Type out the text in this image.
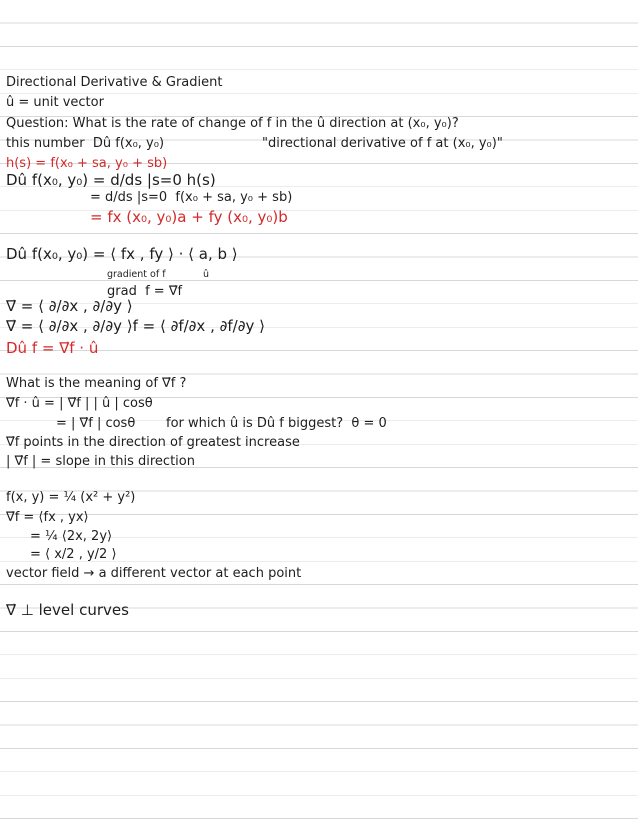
Directional Derivative & Gradient
û = unit vector
Question: What is the rate of change of f in the û direction at (x₀, y₀)?
this number  Dû f(x₀, y₀)	"directional derivative of f at (x₀, y₀)"
h(s) = f(x₀ + sa, y₀ + sb)
Dû f(x₀, y₀) = d/ds |s=0 h(s)
= d/ds |s=0  f(x₀ + sa, y₀ + sb)
= fx (x₀, y₀)a + fy (x₀, y₀)b
Dû f(x₀, y₀) = ⟨ fx , fy ⟩ · ⟨ a, b ⟩
gradient of f	û
grad  f = ∇⃗f
∇⃗ = ⟨ ∂/∂x , ∂/∂y ⟩
∇⃗ = ⟨ ∂/∂x , ∂/∂y ⟩f = ⟨ ∂f/∂x , ∂f/∂y ⟩
Dû f = ∇⃗f · û
What is the meaning of ∇⃗f ?
∇⃗f · û = | ∇⃗f | | û | cosθ
= | ∇⃗f | cosθ for which û is Dû f biggest?  θ = 0
∇⃗f points in the direction of greatest increase
| ∇⃗f | = slope in this direction
f(x, y) = ¼ (x² + y²)
∇⃗f = ⟨fx , yx⟩
= ¼ ⟨2x, 2y⟩
= ⟨ x/2 , y/2 ⟩
vector field → a different vector at each point
∇⃗ ⊥ level curves
